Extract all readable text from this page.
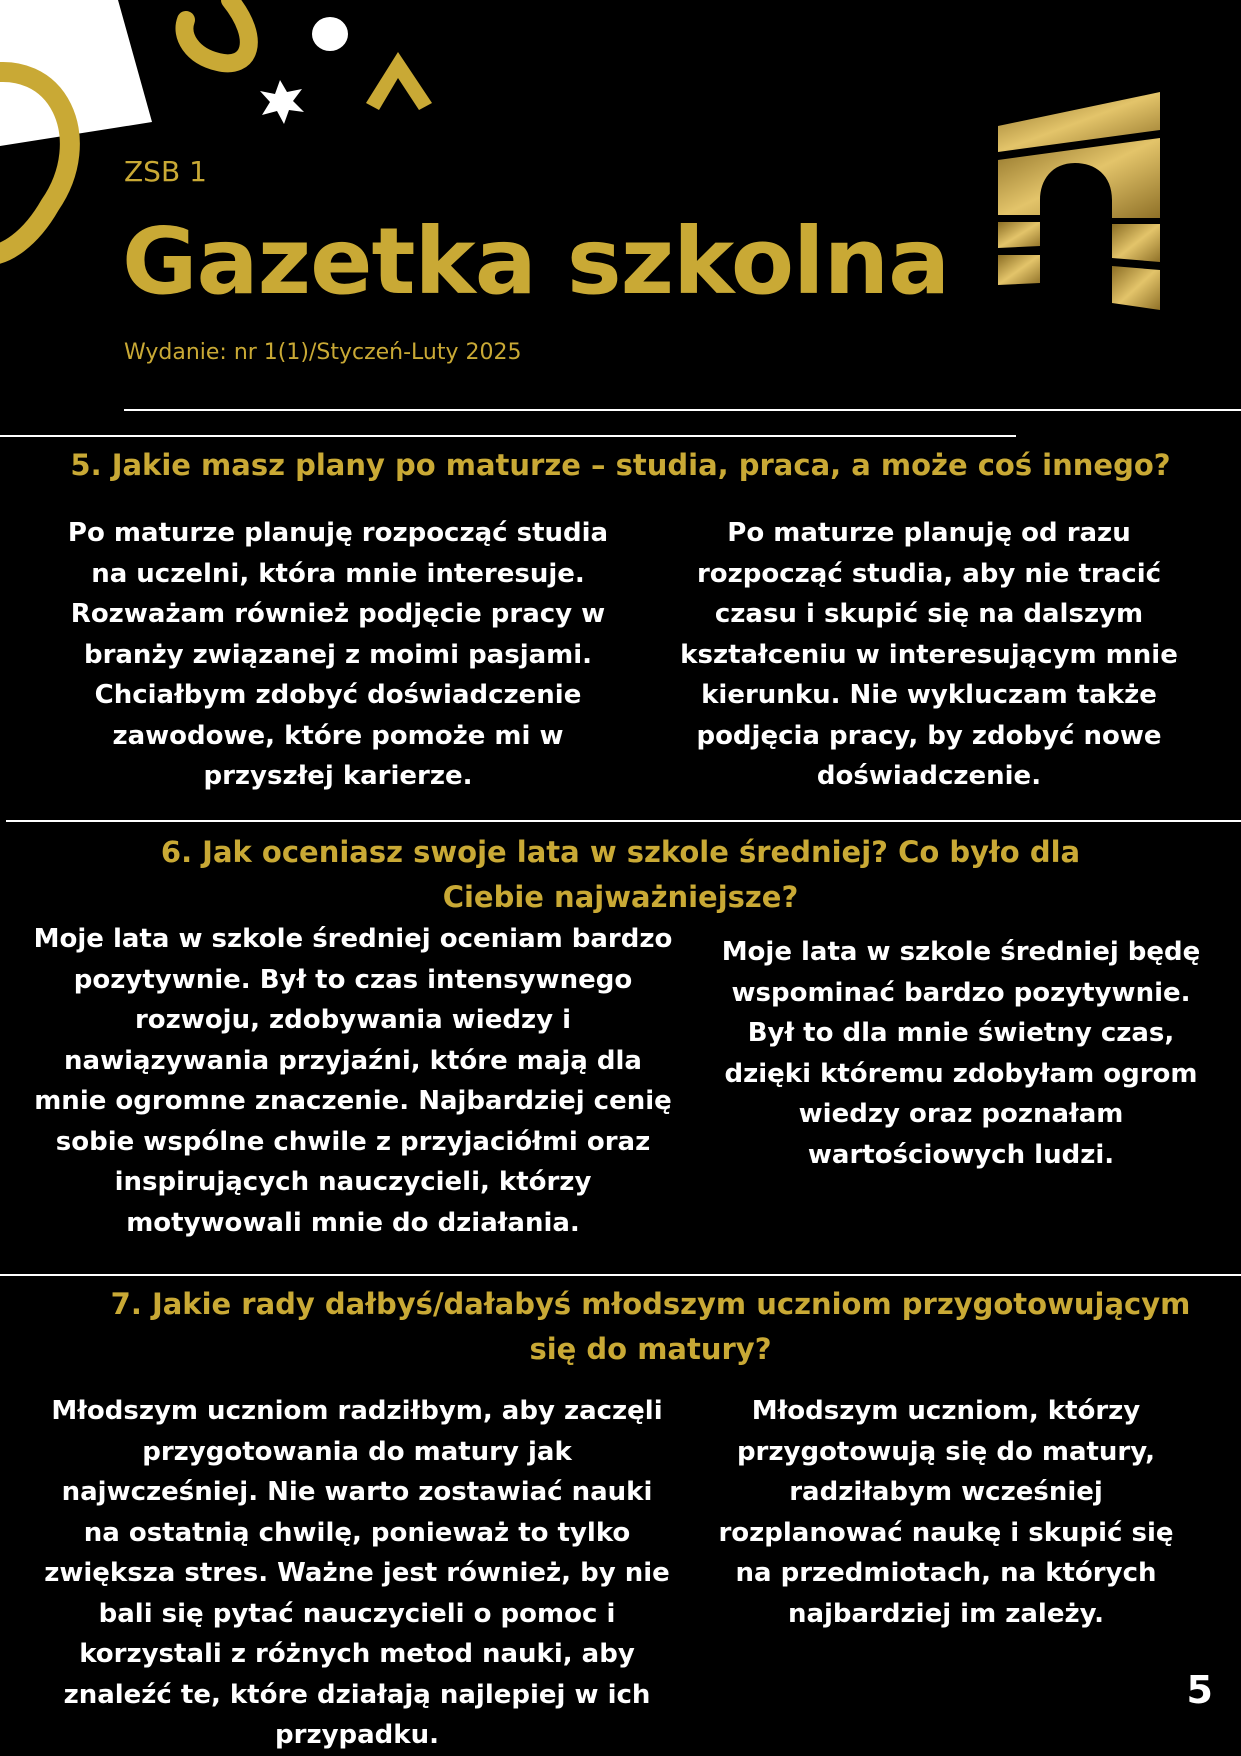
ZSB 1
Gazetka szkolna
Wydanie: nr 1(1)/Styczeń-Luty 2025
5. Jakie masz plany po maturze – studia, praca, a może coś innego?
Po maturze planuję rozpocząć studia na uczelni, która mnie interesuje. Rozważam również podjęcie pracy w branży związanej z moimi pasjami. Chciałbym zdobyć doświadczenie zawodowe, które pomoże mi w przyszłej karierze.
Po maturze planuję od razu rozpocząć studia, aby nie tracić czasu i skupić się na dalszym kształceniu w interesującym mnie kierunku. Nie wykluczam także podjęcia pracy, by zdobyć nowe doświadczenie.
6. Jak oceniasz swoje lata w szkole średniej? Co było dla Ciebie najważniejsze?
Moje lata w szkole średniej oceniam bardzo pozytywnie. Był to czas intensywnego rozwoju, zdobywania wiedzy i nawiązywania przyjaźni, które mają dla mnie ogromne znaczenie. Najbardziej cenię sobie wspólne chwile z przyjaciółmi oraz inspirujących nauczycieli, którzy motywowali mnie do działania.
Moje lata w szkole średniej będę wspominać bardzo pozytywnie. Był to dla mnie świetny czas, dzięki któremu zdobyłam ogrom wiedzy oraz poznałam wartościowych ludzi.
7. Jakie rady dałbyś/dałabyś młodszym uczniom przygotowującym się do matury?
Młodszym uczniom radziłbym, aby zaczęli przygotowania do matury jak najwcześniej. Nie warto zostawiać nauki na ostatnią chwilę, ponieważ to tylko zwiększa stres. Ważne jest również, by nie bali się pytać nauczycieli o pomoc i korzystali z różnych metod nauki, aby znaleźć te, które działają najlepiej w ich przypadku.
Młodszym uczniom, którzy przygotowują się do matury, radziłabym wcześniej rozplanować naukę i skupić się na przedmiotach, na których najbardziej im zależy.
5
